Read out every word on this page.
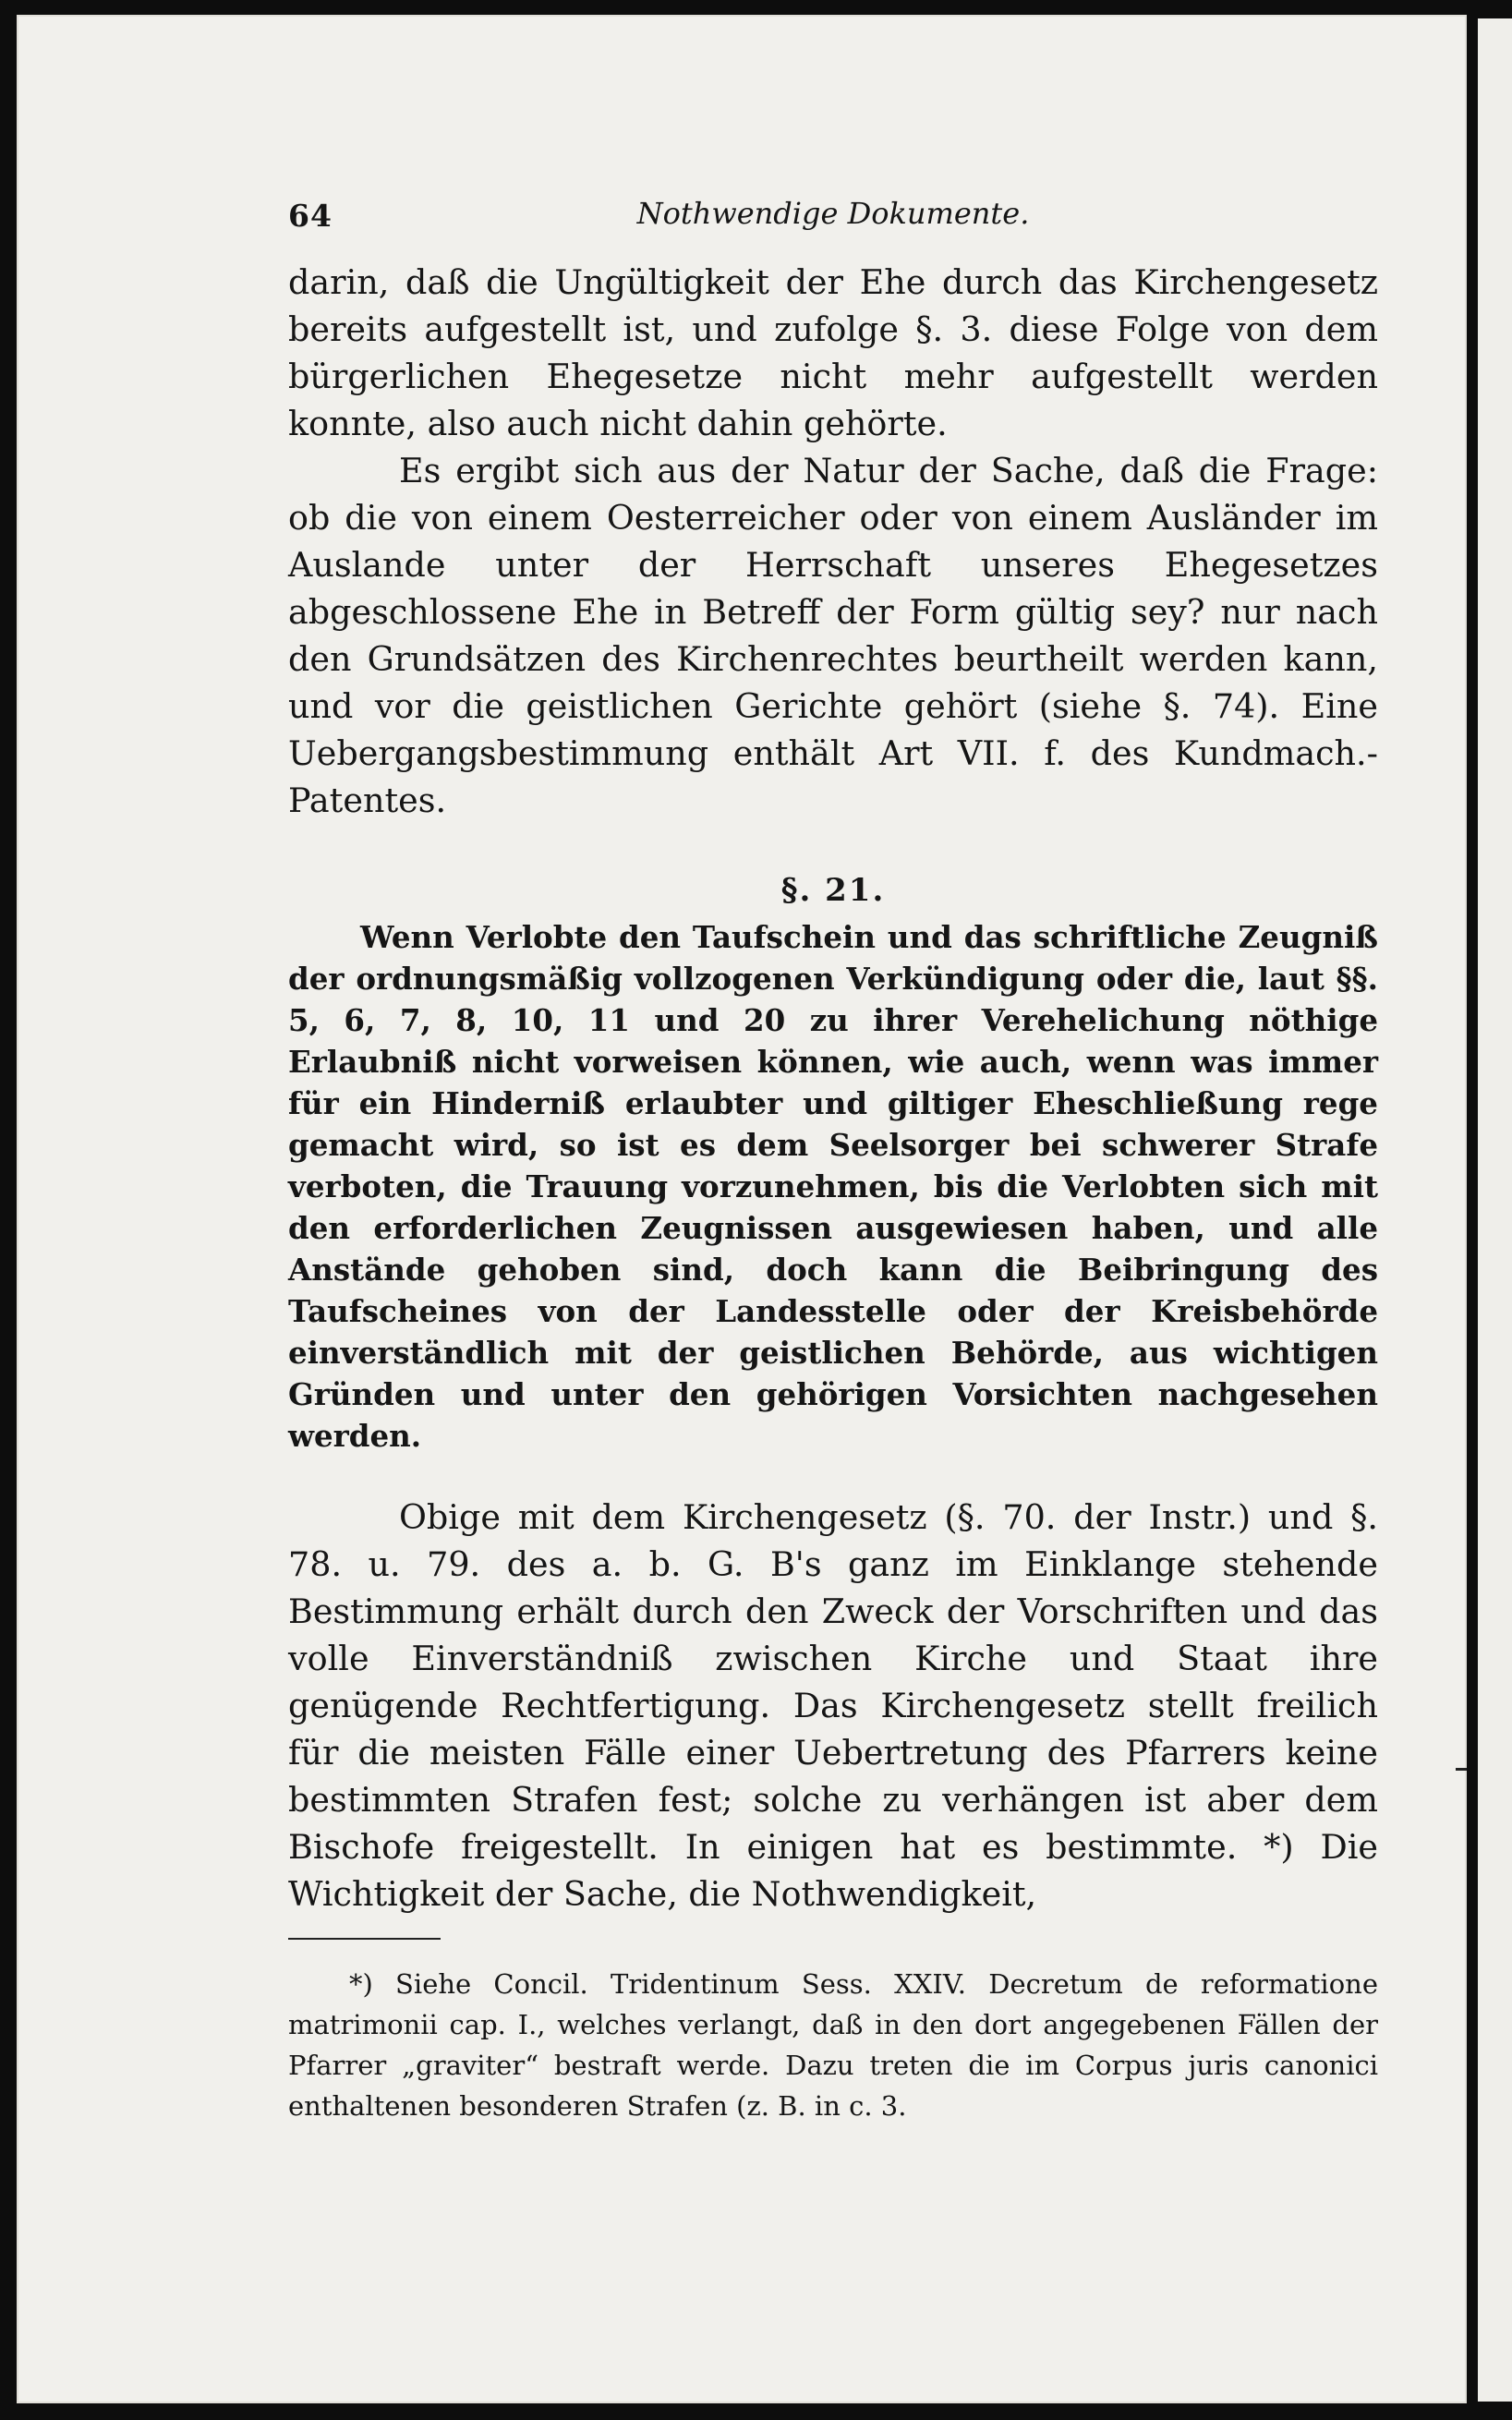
64	Nothwendige Dokumente.

darin, daß die Ungültigkeit der Ehe durch das Kirchengesetz bereits aufgestellt ist, und zufolge §. 3. diese Folge von dem bürgerlichen Ehegesetze nicht mehr aufgestellt werden konnte, also auch nicht dahin gehörte.

Es ergibt sich aus der Natur der Sache, daß die Frage: ob die von einem Oesterreicher oder von einem Ausländer im Auslande unter der Herrschaft unseres Ehegesetzes abgeschlossene Ehe in Betreff der Form gültig sey? nur nach den Grundsätzen des Kirchenrechtes beurtheilt werden kann, und vor die geistlichen Gerichte gehört (siehe §. 74). Eine Uebergangsbestimmung enthält Art VII. f. des Kundmach.-Patentes.

§. 21.

Wenn Verlobte den Taufschein und das schriftliche Zeugniß der ordnungsmäßig vollzogenen Verkündigung oder die, laut §§. 5, 6, 7, 8, 10, 11 und 20 zu ihrer Verehelichung nöthige Erlaubniß nicht vorweisen können, wie auch, wenn was immer für ein Hinderniß erlaubter und giltiger Eheschließung rege gemacht wird, so ist es dem Seelsorger bei schwerer Strafe verboten, die Trauung vorzunehmen, bis die Verlobten sich mit den erforderlichen Zeugnissen ausgewiesen haben, und alle Anstände gehoben sind, doch kann die Beibringung des Taufscheines von der Landesstelle oder der Kreisbehörde einverständlich mit der geistlichen Behörde, aus wichtigen Gründen und unter den gehörigen Vorsichten nachgesehen werden.

Obige mit dem Kirchengesetz (§. 70. der Instr.) und §. 78. u. 79. des a. b. G. B's ganz im Einklange stehende Bestimmung erhält durch den Zweck der Vorschriften und das volle Einverständniß zwischen Kirche und Staat ihre genügende Rechtfertigung. Das Kirchengesetz stellt freilich für die meisten Fälle einer Uebertretung des Pfarrers keine bestimmten Strafen fest; solche zu verhängen ist aber dem Bischofe freigestellt. In einigen hat es bestimmte. *) Die Wichtigkeit der Sache, die Nothwendigkeit,

*) Siehe Concil. Tridentinum Sess. XXIV. Decretum de reformatione matrimonii cap. I., welches verlangt, daß in den dort angegebenen Fällen der Pfarrer „graviter“ bestraft werde. Dazu treten die im Corpus juris canonici enthaltenen besonderen Strafen (z. B. in c. 3.
